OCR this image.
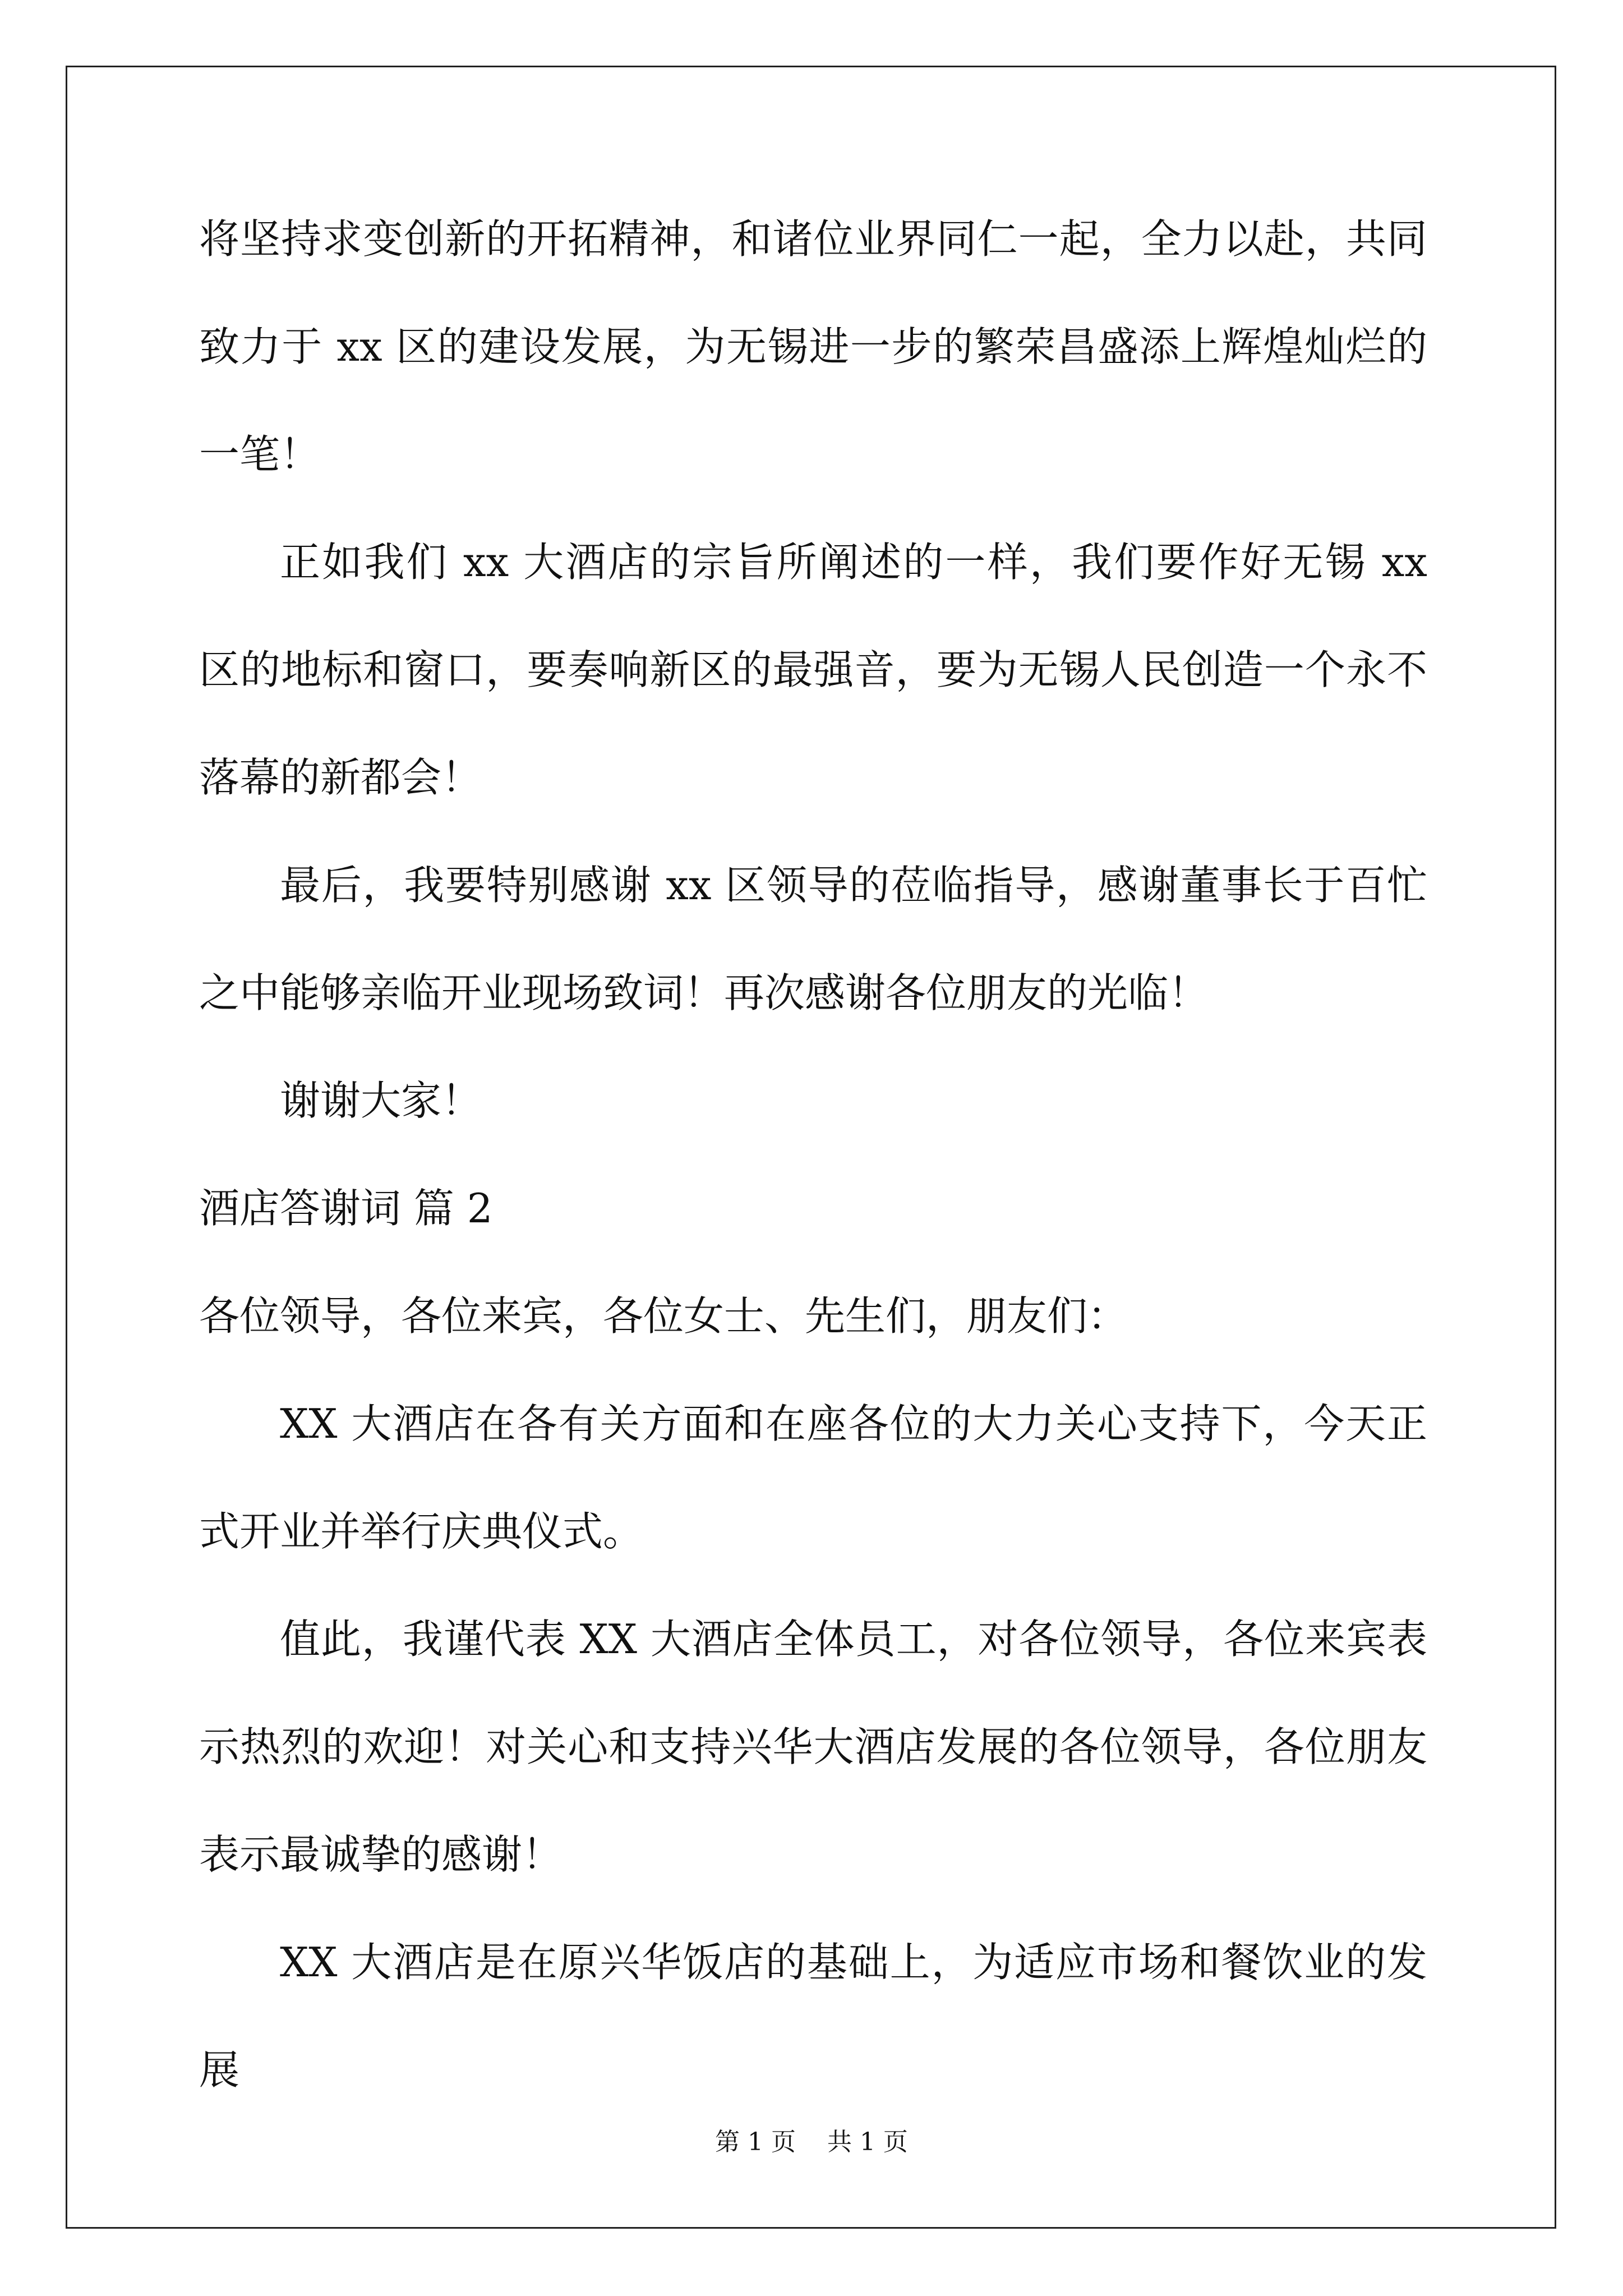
将坚持求变创新的开拓精神，和诸位业界同仁一起，全力以赴，共同致力于 xx 区的建设发展，为无锡进一步的繁荣昌盛添上辉煌灿烂的一笔！

正如我们 xx 大酒店的宗旨所阐述的一样，我们要作好无锡 xx 区的地标和窗口，要奏响新区的最强音，要为无锡人民创造一个永不落幕的新都会！

最后，我要特别感谢 xx 区领导的莅临指导，感谢董事长于百忙之中能够亲临开业现场致词！再次感谢各位朋友的光临！

谢谢大家！

酒店答谢词 篇 2

各位领导，各位来宾，各位女士、先生们，朋友们：

XX 大酒店在各有关方面和在座各位的大力关心支持下，今天正式开业并举行庆典仪式。

值此，我谨代表 XX 大酒店全体员工，对各位领导，各位来宾表示热烈的欢迎！对关心和支持兴华大酒店发展的各位领导，各位朋友表示最诚挚的感谢！

XX 大酒店是在原兴华饭店的基础上，为适应市场和餐饮业的发展

第 1 页    共 1 页
